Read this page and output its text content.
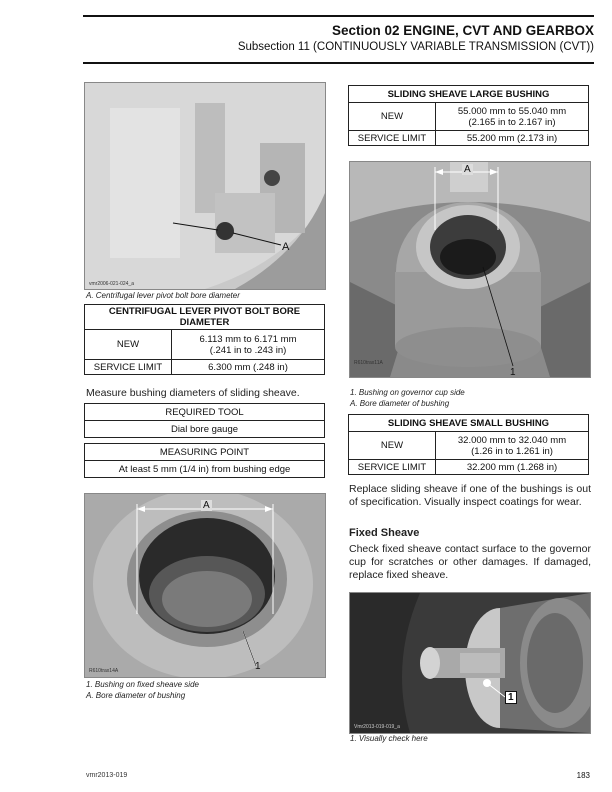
Section 02 ENGINE, CVT AND GEARBOX
Subsection 11 (CONTINUOUSLY VARIABLE TRANSMISSION (CVT))
A
vmr2006-021-024_a
A. Centrifugal lever pivot bolt bore diameter
CENTRIFUGAL LEVER PIVOT BOLT BORE DIAMETER	
NEW	6.113 mm to 6.171 mm
(.241 in to .243 in)

SERVICE LIMIT	6.300 mm (.248 in)
Measure bushing diameters of sliding sheave.
REQUIRED TOOL
Dial bore gauge
MEASURING POINT
At least 5 mm (1/4 in) from bushing edge
A
1
R610trax14A
1. Bushing on fixed sheave side
A. Bore diameter of bushing
SLIDING SHEAVE LARGE BUSHING	
NEW	55.000 mm to 55.040 mm
(2.165 in to 2.167 in)

SERVICE LIMIT	55.200 mm (2.173 in)
A
1
R610trax11A
1. Bushing on governor cup side
A. Bore diameter of bushing
SLIDING SHEAVE SMALL BUSHING	
NEW	32.000 mm to 32.040 mm
(1.26 in to 1.261 in)

SERVICE LIMIT	32.200 mm (1.268 in)
Replace sliding sheave if one of the bushings is out of specification. Visually inspect coatings for wear.
Fixed Sheave
Check fixed sheave contact surface to the governor cup for scratches or other damages. If damaged, replace fixed sheave.
1
Vmr2013-019-019_a
1. Visually check here
vmr2013-019	183
